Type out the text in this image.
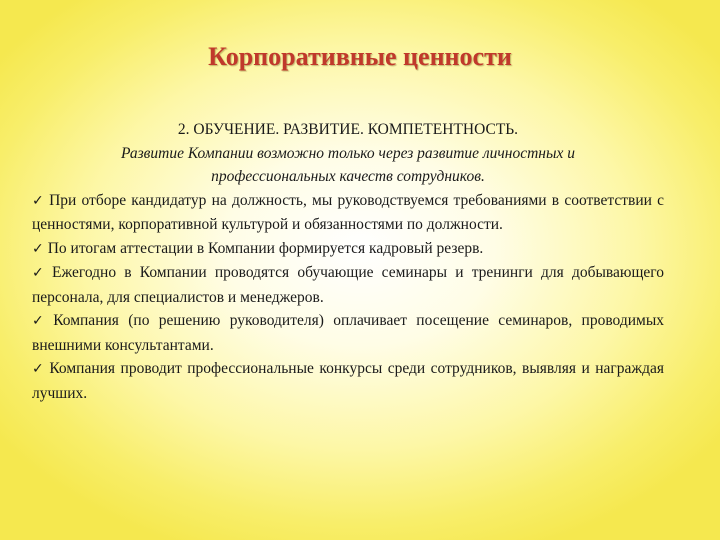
Корпоративные ценности
2. ОБУЧЕНИЕ. РАЗВИТИЕ. КОМПЕТЕНТНОСТЬ.
Развитие Компании возможно только через развитие личностных и профессиональных качеств сотрудников.
✓ При отборе кандидатур на должность, мы руководствуемся требованиями в соответствии с ценностями, корпоративной культурой и обязанностями по должности.
✓ По итогам аттестации в Компании формируется кадровый резерв.
✓ Ежегодно в Компании проводятся обучающие семинары и тренинги для добывающего персонала, для специалистов и менеджеров.
✓ Компания (по решению руководителя) оплачивает посещение семинаров, проводимых внешними консультантами.
✓ Компания проводит профессиональные конкурсы среди сотрудников, выявляя и награждая лучших.
